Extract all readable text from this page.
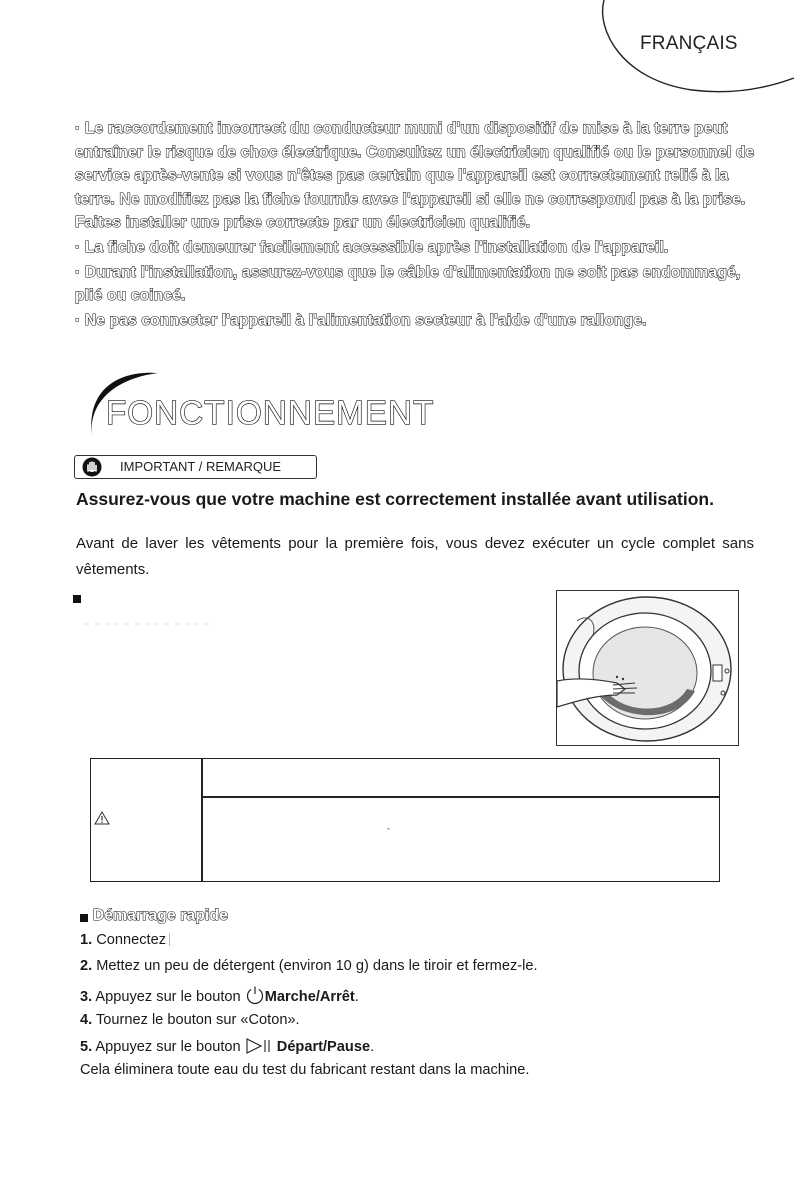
FRANÇAIS

· Le raccordement incorrect du conducteur muni d'un dispositif de mise à la terre peut entraîner le risque de choc électrique. Consultez un électricien qualifié ou le personnel de service après-vente si vous n'êtes pas certain que l'appareil est correctement relié à la terre. Ne modifiez pas la fiche fournie avec l'appareil si elle ne correspond pas à la prise. Faites installer une prise correcte par un électricien qualifié.

· La fiche doit demeurer facilement accessible après l'installation de l'appareil.

· Durant l'installation, assurez-vous que le câble d'alimentation ne soit pas endommagé, plié ou coincé.

· Ne pas connecter l'appareil à l'alimentation secteur à l'aide d'une rallonge.

FONCTIONNEMENT
IMPORTANT / REMARQUE
Assurez-vous que votre machine est correctement installée avant utilisation.
Avant de laver les vêtements pour la première fois, vous devez exécuter un cycle complet sans vêtements.
ˆ
Démarrage rapide
1. Connectez
2. Mettez un peu de détergent (environ 10 g) dans le tiroir et fermez-le.
3. Appuyez sur le bouton Marche/Arrêt.
4. Tournez le bouton sur «Coton».
5. Appuyez sur le bouton Départ/Pause.
Cela éliminera toute eau du test du fabricant restant dans la machine.
